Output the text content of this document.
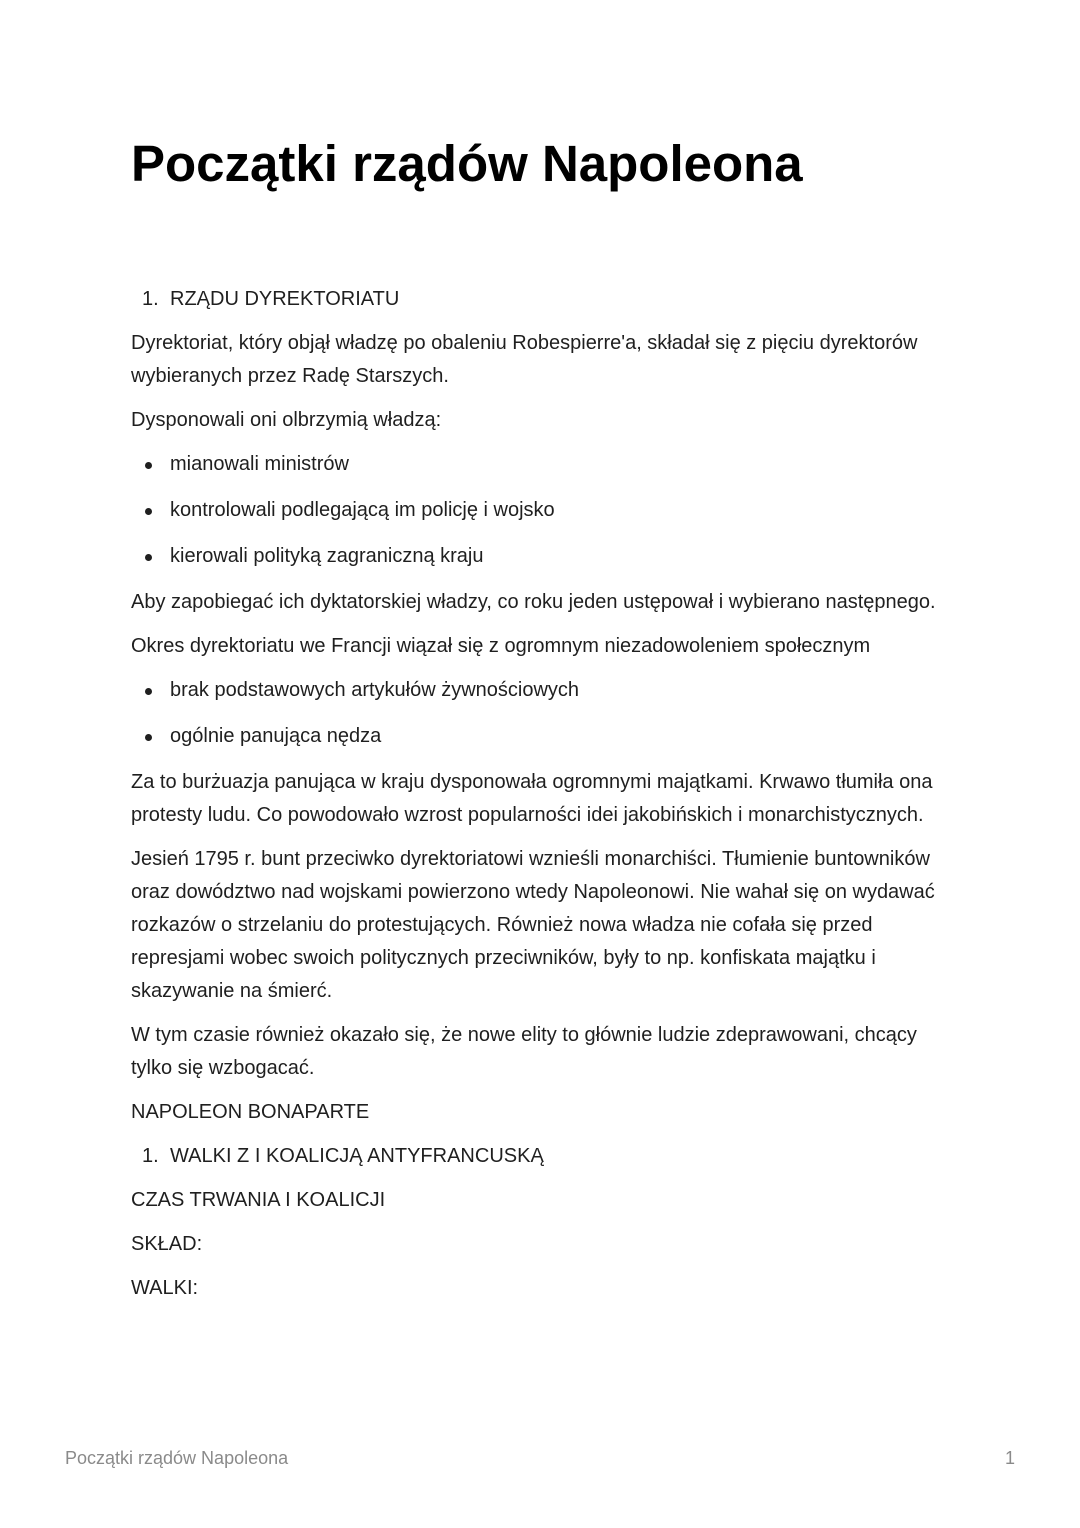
Początki rządów Napoleona
1. RZĄDU DYREKTORIATU

Dyrektoriat, który objął władzę po obaleniu Robespierre'a, składał się z pięciu dyrektorów wybieranych przez Radę Starszych.

Dysponowali oni olbrzymią władzą:

mianowali ministrów
kontrolowali podlegającą im policję i wojsko
kierowali polityką zagraniczną kraju

Aby zapobiegać ich dyktatorskiej władzy, co roku jeden ustępował i wybierano następnego.

Okres dyrektoriatu we Francji wiązał się z ogromnym niezadowoleniem społecznym

brak podstawowych artykułów żywnościowych
ogólnie panująca nędza

Za to burżuazja panująca w kraju dysponowała ogromnymi majątkami. Krwawo tłumiła ona protesty ludu. Co powodowało wzrost popularności idei jakobińskich i monarchistycznych.

Jesień 1795 r. bunt przeciwko dyrektoriatowi wznieśli monarchiści. Tłumienie buntowników oraz dowództwo nad wojskami powierzono wtedy Napoleonowi. Nie wahał się on wydawać rozkazów o strzelaniu do protestujących. Również nowa władza nie cofała się przed represjami wobec swoich politycznych przeciwników, były to np. konfiskata majątku i skazywanie na śmierć.

W tym czasie również okazało się, że nowe elity to głównie ludzie zdeprawowani, chcący tylko się wzbogacać.

NAPOLEON BONAPARTE

1. WALKI Z I KOALICJĄ ANTYFRANCUSKĄ

CZAS TRWANIA I KOALICJI

SKŁAD:

WALKI:

Początki rządów Napoleona	1
